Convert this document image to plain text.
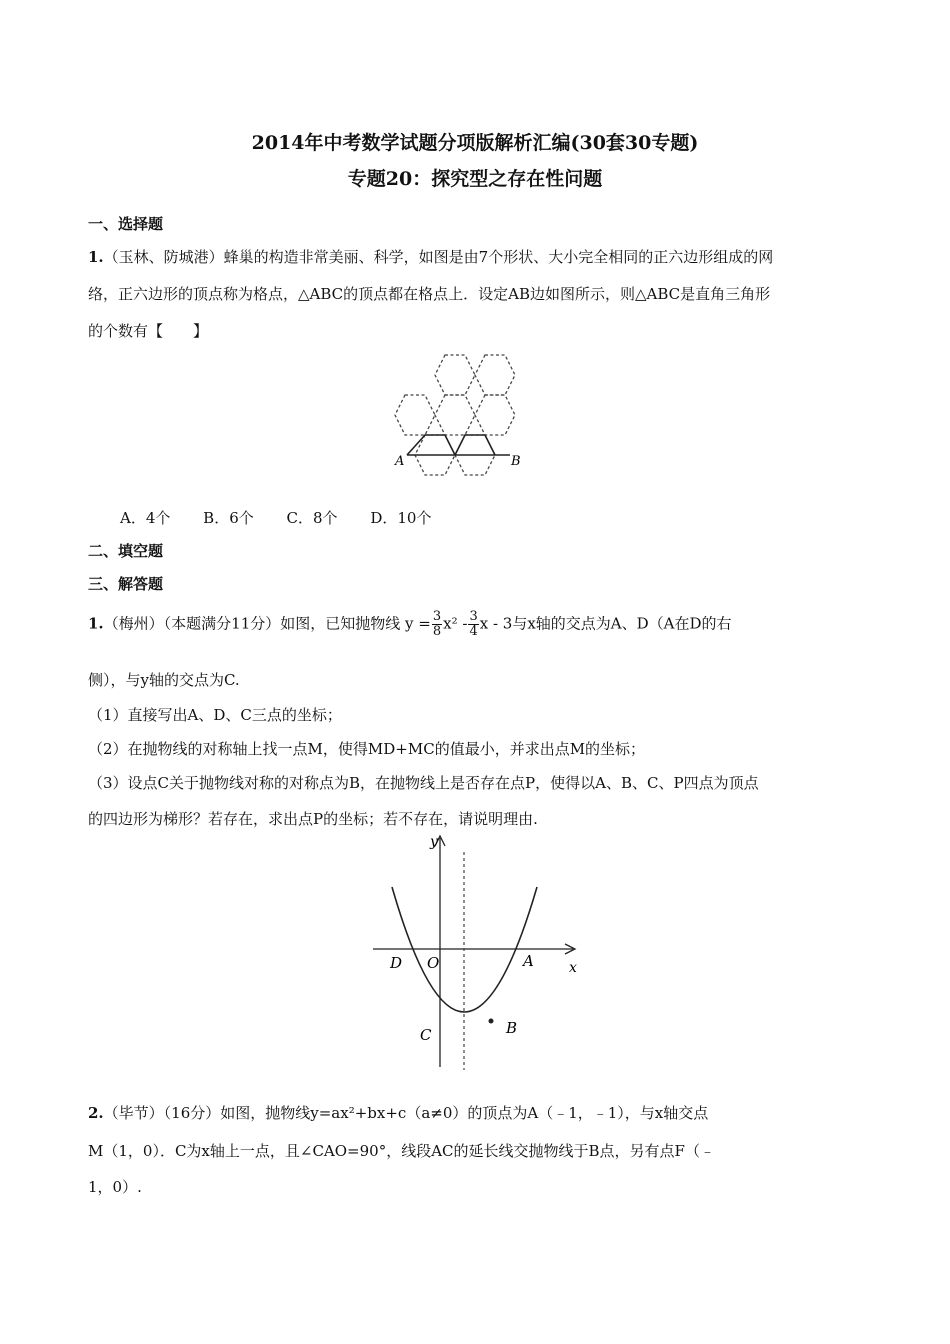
2014年中考数学试题分项版解析汇编(30套30专题)
专题20：探究型之存在性问题
一、选择题
1.（玉林、防城港）蜂巢的构造非常美丽、科学，如图是由7个形状、大小完全相同的正六边形组成的网
络，正六边形的顶点称为格点，△ABC的顶点都在格点上．设定AB边如图所示，则△ABC是直角三角形
的个数有【　　】
A	B
A．4个 B．6个 C．8个 D．10个
二、填空题
三、解答题
1.（梅州）（本题满分11分）如图，已知抛物线 $y = \frac{3}{8} x^2 - \frac{3}{4}$ x - 3与x轴的交点为A、D（A在D的右
侧），与y轴的交点为C.
（1）直接写出A、D、C三点的坐标；
（2）在抛物线的对称轴上找一点M，使得MD+MC的值最小，并求出点M的坐标；
（3）设点C关于抛物线对称的对称点为B，在抛物线上是否存在点P，使得以A、B、C、P四点为顶点
的四边形为梯形？若存在，求出点P的坐标；若不存在，请说明理由.
y
x
D O	A
C	B
2.（毕节）（16分）如图，抛物线y=ax²+bx+c（a≠0）的顶点为A（﹣1，﹣1），与x轴交点
M（1，0）．C为x轴上一点，且∠CAO=90°，线段AC的延长线交抛物线于B点，另有点F（﹣
1，0）.
